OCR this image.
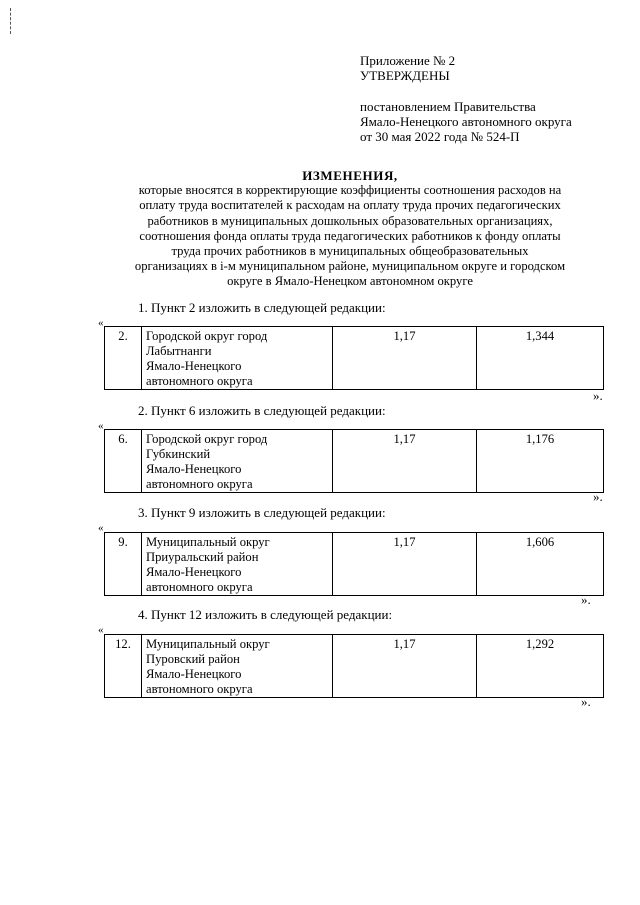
Приложение № 2
УТВЕРЖДЕНЫ
постановлением Правительства
Ямало-Ненецкого автономного округа
от 30 мая 2022 года № 524-П
ИЗМЕНЕНИЯ,
которые вносятся в корректирующие коэффициенты соотношения расходов на
оплату труда воспитателей к расходам на оплату труда прочих педагогических
работников в муниципальных дошкольных образовательных организациях,
соотношения фонда оплаты труда педагогических работников к фонду оплаты
труда прочих работников в муниципальных общеобразовательных
организациях в i-м муниципальном районе, муниципальном округе и городском
округе в Ямало-Ненецком автономном округе
1. Пункт 2 изложить в следующей редакции:
«
2.	Городской округ город
Лабытнанги
Ямало-Ненецкого
автономного округа
	1,17	1,344
».
2. Пункт 6 изложить в следующей редакции:
«
6.	Городской округ город
Губкинский
Ямало-Ненецкого
автономного округа
	1,17	1,176
».
3. Пункт 9 изложить в следующей редакции:
«
9.	Муниципальный округ
Приуральский район
Ямало-Ненецкого
автономного округа
	1,17	1,606
».
4. Пункт 12 изложить в следующей редакции:
«
12.	Муниципальный округ
Пуровский район
Ямало-Ненецкого
автономного округа
	1,17	1,292
».
